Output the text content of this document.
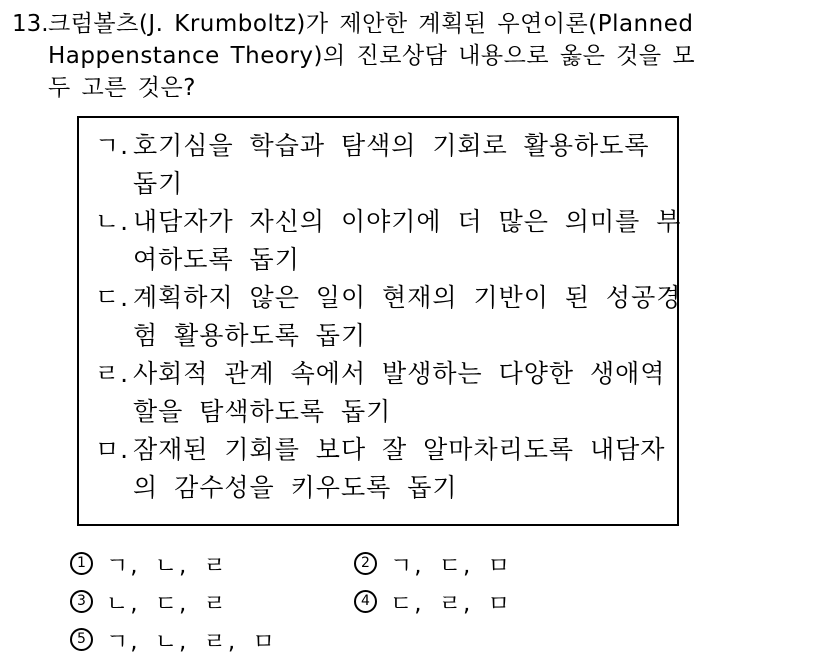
13. 크럼볼츠(J. Krumboltz)가 제안한 계획된 우연이론(Planned
Happenstance Theory)의 진로상담 내용으로 옳은 것을 모
두 고른 것은?
ㄱ. 호기심을 학습과 탐색의 기회로 활용하도록
돕기
ㄴ. 내담자가 자신의 이야기에 더 많은 의미를 부
여하도록 돕기
ㄷ. 계획하지 않은 일이 현재의 기반이 된 성공경
험 활용하도록 돕기
ㄹ. 사회적 관계 속에서 발생하는 다양한 생애역
할을 탐색하도록 돕기
ㅁ. 잠재된 기회를 보다 잘 알마차리도록 내담자
의 감수성을 키우도록 돕기
1 ㄱ, ㄴ, ㄹ	2 ㄱ, ㄷ, ㅁ
3 ㄴ, ㄷ, ㄹ	4 ㄷ, ㄹ, ㅁ
5 ㄱ, ㄴ, ㄹ, ㅁ
